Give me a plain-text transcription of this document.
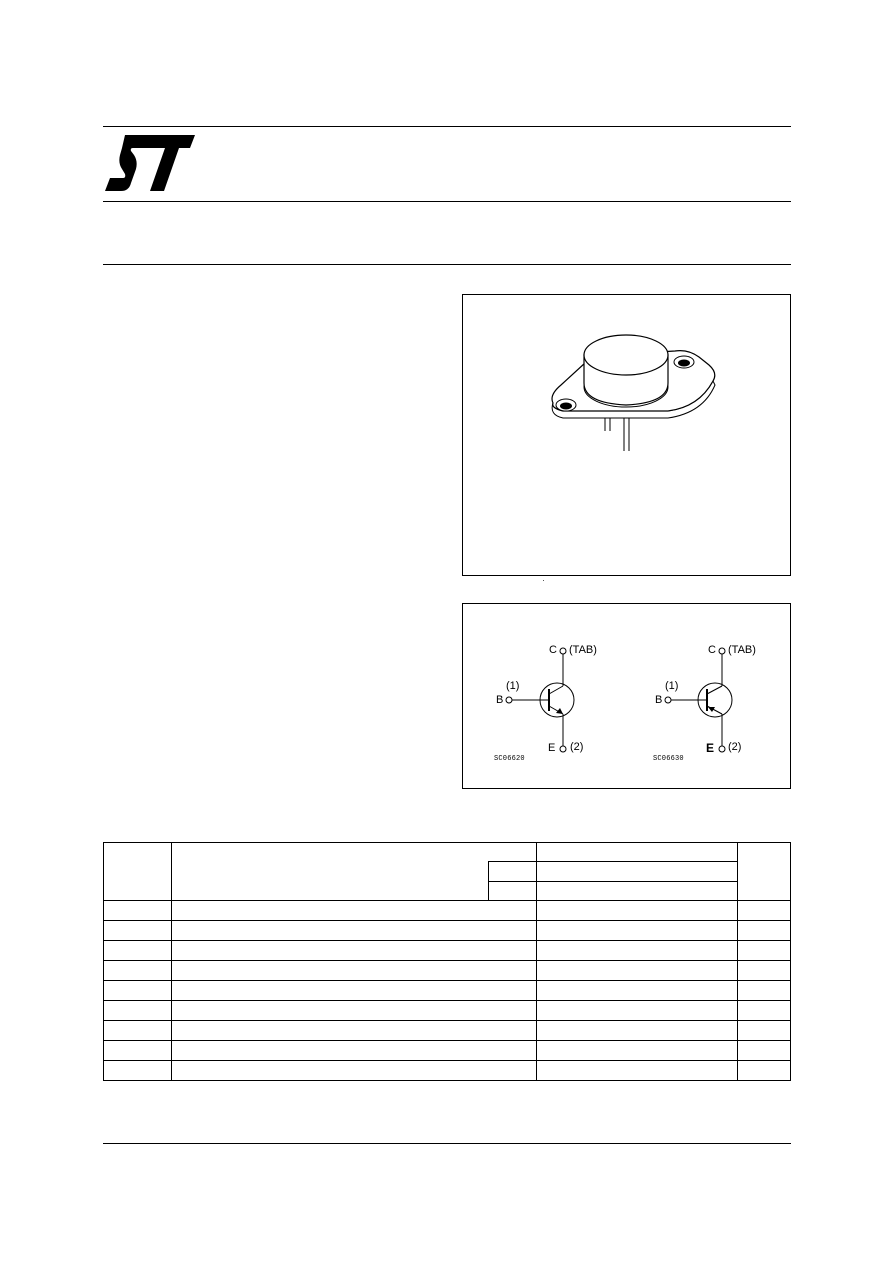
C (TAB)
(1)
B
E (2)
SC06620
C (TAB)
(1)
B
E (2)
SC06630
